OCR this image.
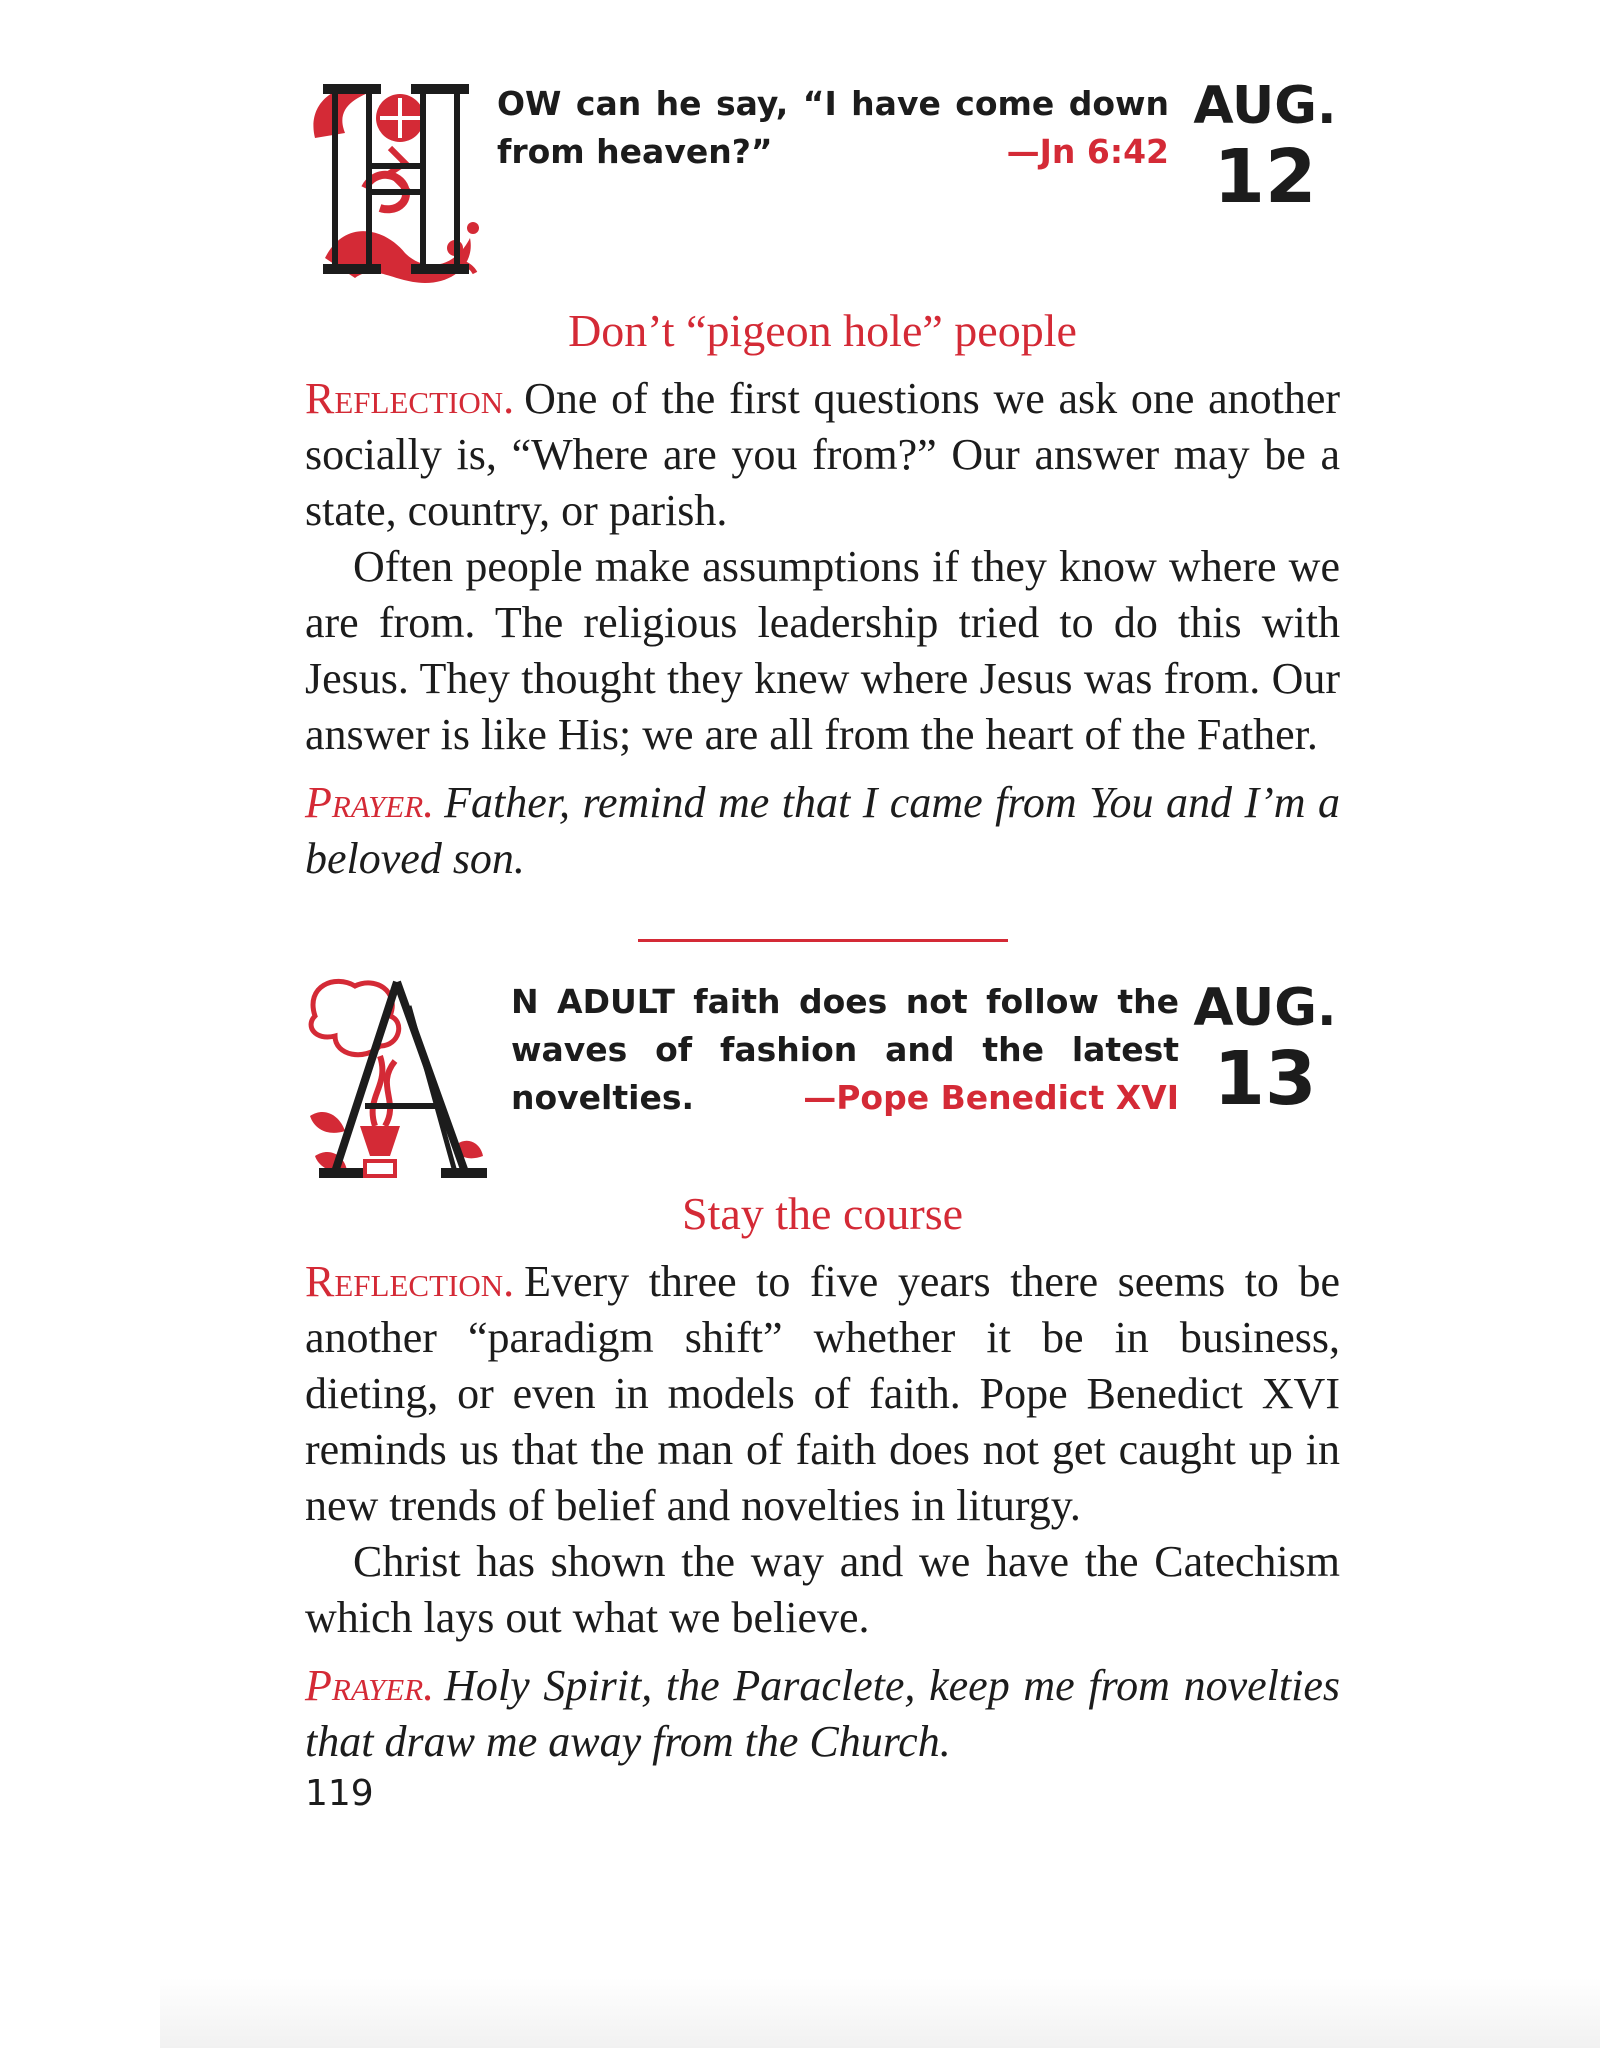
OW can he say, “I have come down from heaven?”	—Jn 6:42
AUG.
12
Don’t “pigeon hole” people

Reflection. One of the first questions we ask one another socially is, “Where are you from?” Our answer may be a state, country, or parish.

Often people make assumptions if they know where we are from. The religious leadership tried to do this with Jesus. They thought they knew where Jesus was from. Our answer is like His; we are all from the heart of the Father.

Prayer. Father, remind me that I came from You and I’m a beloved son.

N ADULT faith does not follow the waves of fashion and the latest novelties.	—Pope Benedict XVI
AUG.
13
Stay the course

Reflection. Every three to five years there seems to be another “paradigm shift” whether it be in business, dieting, or even in models of faith. Pope Benedict XVI reminds us that the man of faith does not get caught up in new trends of belief and novelties in liturgy.

Christ has shown the way and we have the Catechism which lays out what we believe.

Prayer. Holy Spirit, the Paraclete, keep me from novelties that draw me away from the Church.

119
